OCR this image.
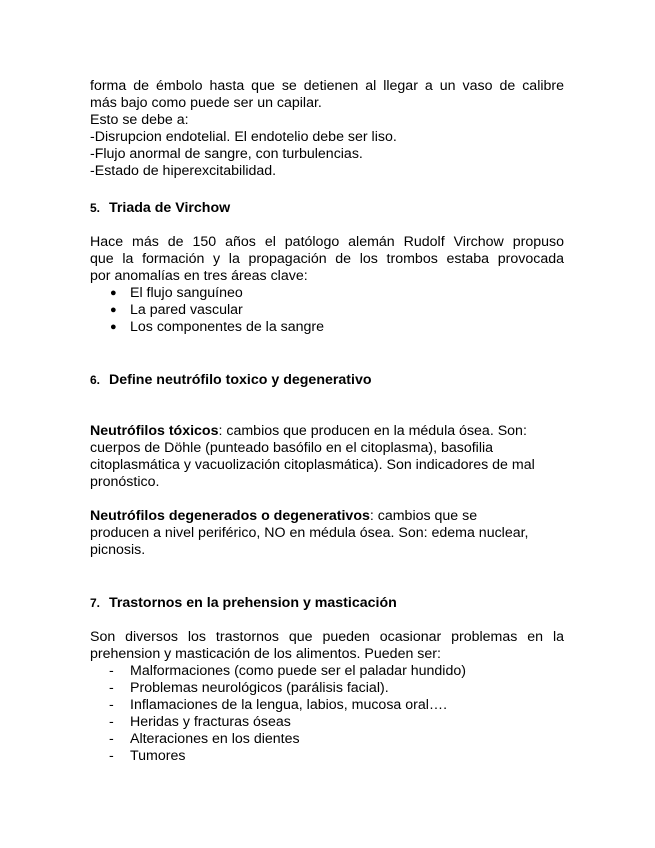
forma de émbolo hasta que se detienen al llegar a un vaso de calibre

más bajo como puede ser un capilar.

Esto se debe a:

-Disrupcion endotelial. El endotelio debe ser liso.

-Flujo anormal de sangre, con turbulencias.

-Estado de hiperexcitabilidad.

5. Triada de Virchow

Hace más de 150 años el patólogo alemán Rudolf Virchow propuso

que la formación y la propagación de los trombos estaba provocada

por anomalías en tres áreas clave:

● El flujo sanguíneo
● La pared vascular
● Los componentes de la sangre
6. Define neutrófilo toxico y degenerativo

Neutrófilos tóxicos: cambios que producen en la médula ósea. Son:

cuerpos de Döhle (punteado basófilo en el citoplasma), basofilia

citoplasmática y vacuolización citoplasmática). Son indicadores de mal

pronóstico.

Neutrófilos degenerados o degenerativos: cambios que se

producen a nivel periférico, NO en médula ósea. Son: edema nuclear,

picnosis.

7. Trastornos en la prehension y masticación

Son diversos los trastornos que pueden ocasionar problemas en la

prehension y masticación de los alimentos. Pueden ser:

- Malformaciones (como puede ser el paladar hundido)
- Problemas neurológicos (parálisis facial).
- Inflamaciones de la lengua, labios, mucosa oral….
- Heridas y fracturas óseas
- Alteraciones en los dientes
- Tumores
